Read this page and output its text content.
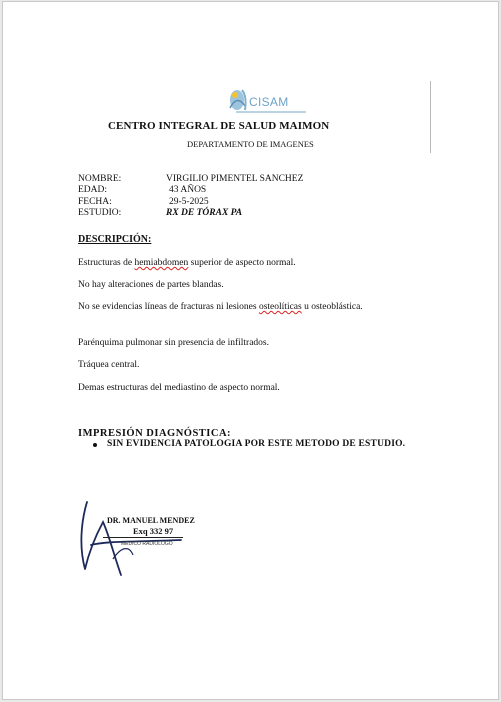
CISAM
CENTRO INTEGRAL DE SALUD MAIMON
DEPARTAMENTO DE IMAGENES
NOMBRE:	VIRGILIO PIMENTEL SANCHEZ
EDAD:	43 AÑOS
FECHA:	29-5-2025
ESTUDIO:	RX DE TÓRAX PA
DESCRIPCIÓN:
Estructuras de hemiabdomen superior de aspecto normal.
No hay alteraciones de partes blandas.
No se evidencias líneas de fracturas ni lesiones osteolíticas u osteoblástica.
Parénquima pulmonar sin presencia de infiltrados.
Tráquea central.
Demas estructuras del mediastino de aspecto normal.
IMPRESIÓN DIAGNÓSTICA:
SIN EVIDENCIA PATOLOGIA POR ESTE METODO DE ESTUDIO.
DR. MANUEL MENDEZ
Exq 332 97
MEDICO RADIOLOGO
